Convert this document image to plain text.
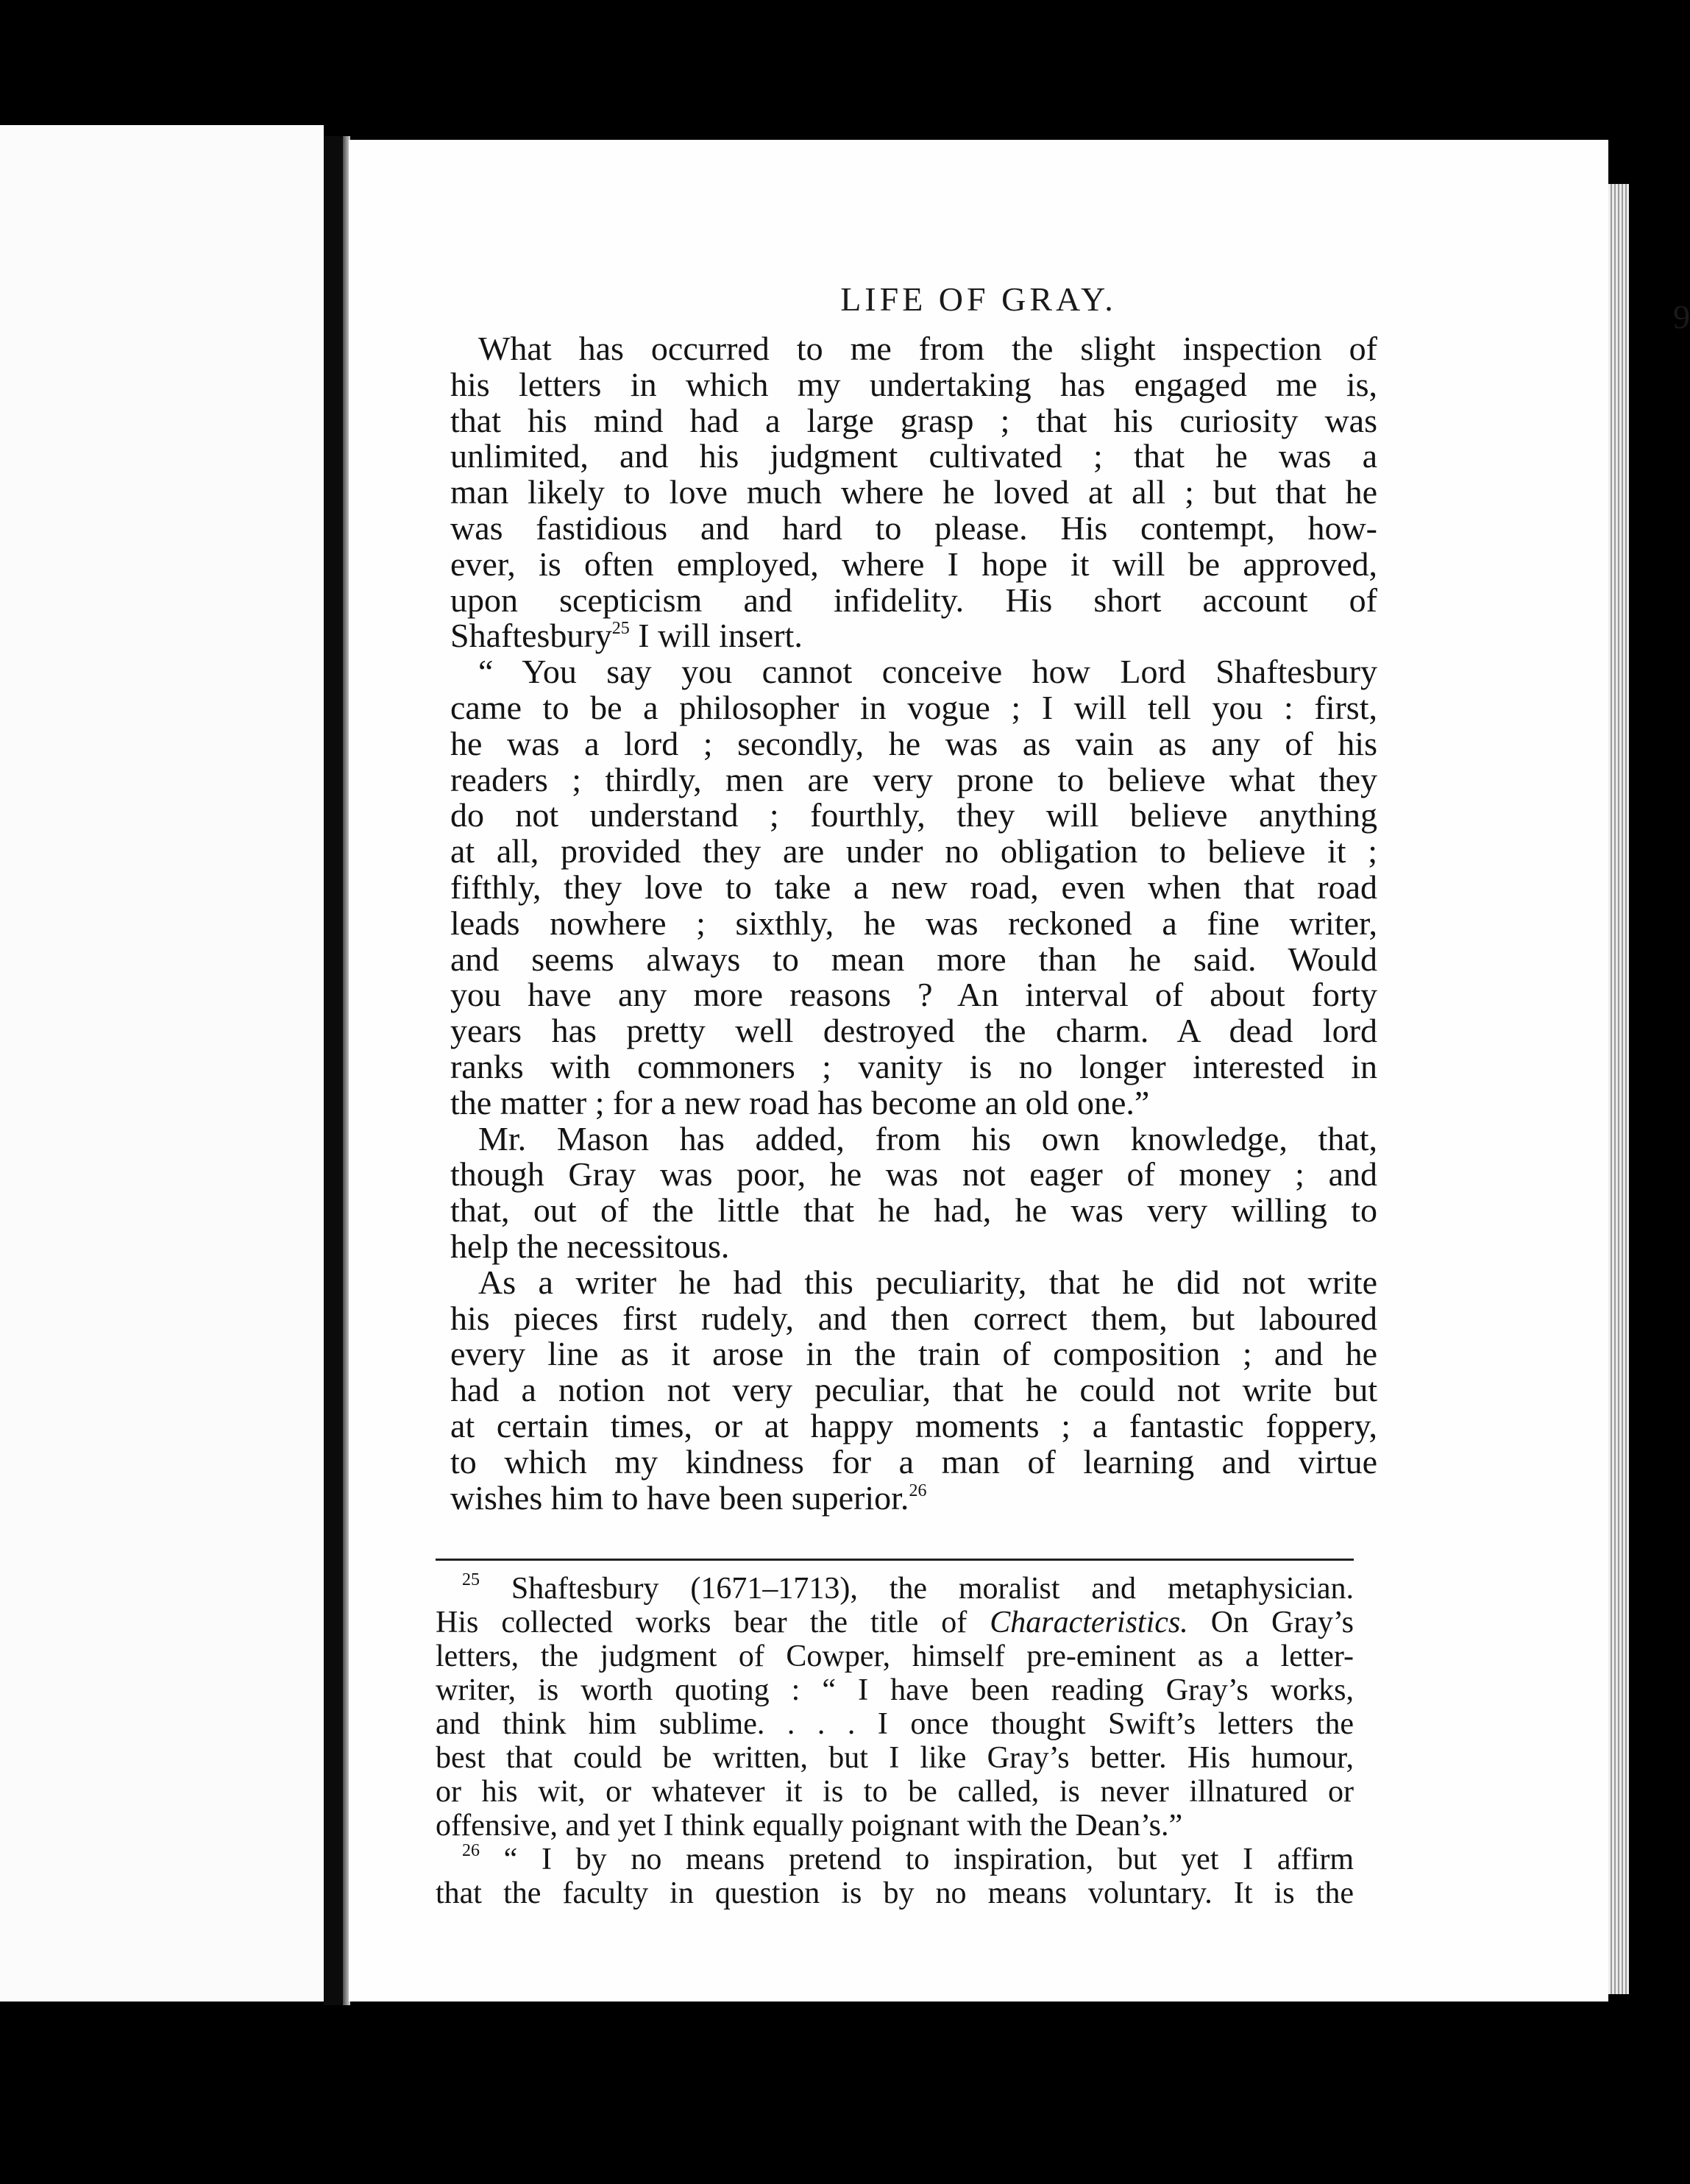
LIFE OF GRAY.	9
What has occurred to me from the slight inspection of
his letters in which my undertaking has engaged me is,
that his mind had a large grasp ; that his curiosity was
unlimited, and his judgment cultivated ; that he was a
man likely to love much where he loved at all ; but that he
was fastidious and hard to please. His contempt, how-
ever, is often employed, where I hope it will be approved,
upon scepticism and infidelity. His short account of
Shaftesbury$^{25}$ I will insert.
“ You say you cannot conceive how Lord Shaftesbury
came to be a philosopher in vogue ; I will tell you : first,
he was a lord ; secondly, he was as vain as any of his
readers ; thirdly, men are very prone to believe what they
do not understand ; fourthly, they will believe anything
at all, provided they are under no obligation to believe it ;
fifthly, they love to take a new road, even when that road
leads nowhere ; sixthly, he was reckoned a fine writer,
and seems always to mean more than he said. Would
you have any more reasons ? An interval of about forty
years has pretty well destroyed the charm. A dead lord
ranks with commoners ; vanity is no longer interested in
the matter ; for a new road has become an old one.”
Mr. Mason has added, from his own knowledge, that,
though Gray was poor, he was not eager of money ; and
that, out of the little that he had, he was very willing to
help the necessitous.
As a writer he had this peculiarity, that he did not write
his pieces first rudely, and then correct them, but laboured
every line as it arose in the train of composition ; and he
had a notion not very peculiar, that he could not write but
at certain times, or at happy moments ; a fantastic foppery,
to which my kindness for a man of learning and virtue
wishes him to have been superior.$^{26}$
$^{25}$ Shaftesbury (1671–1713), the moralist and metaphysician.
His collected works bear the title of Characteristics. On Gray’s
letters, the judgment of Cowper, himself pre-eminent as a letter-
writer, is worth quoting : “ I have been reading Gray’s works,
and think him sublime. . . . I once thought Swift’s letters the
best that could be written, but I like Gray’s better. His humour,
or his wit, or whatever it is to be called, is never illnatured or
offensive, and yet I think equally poignant with the Dean’s.”
$^{26}$ “ I by no means pretend to inspiration, but yet I affirm
that the faculty in question is by no means voluntary. It is the
